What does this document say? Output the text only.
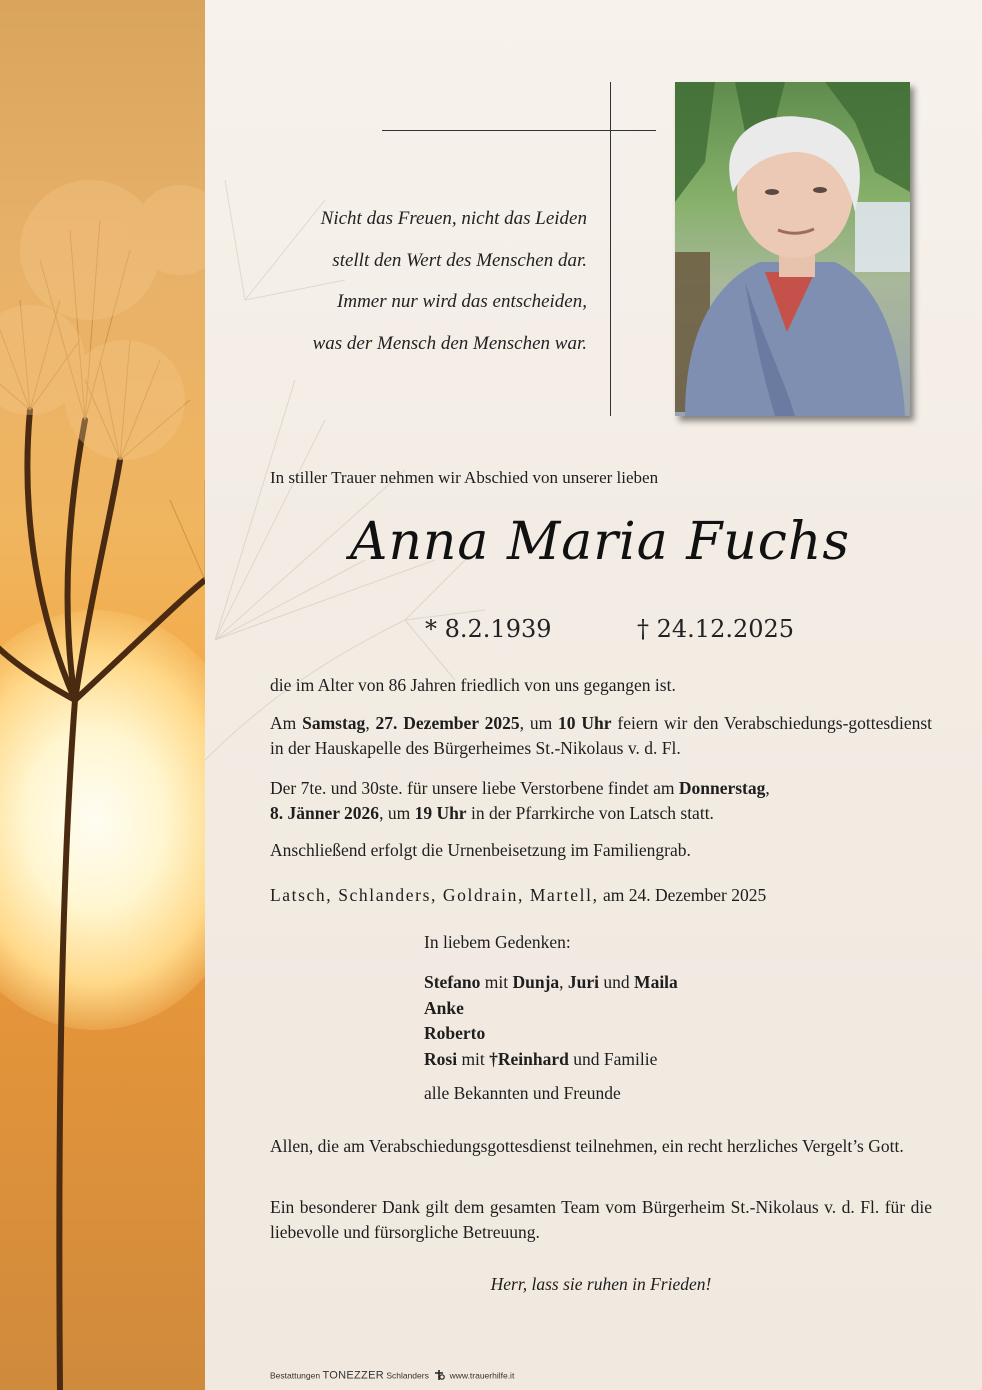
Nicht das Freuen, nicht das Leiden
stellt den Wert des Menschen dar.
Immer nur wird das entscheiden,
was der Mensch den Menschen war.
In stiller Trauer nehmen wir Abschied von unserer lieben
Anna Maria Fuchs
* 8.2.1939	† 24.12.2025

die im Alter von 86 Jahren friedlich von uns gegangen ist.

Am Samstag, 27. Dezember 2025, um 10 Uhr feiern wir den Verabschiedungs-gottesdienst in der Hauskapelle des Bürgerheimes St.-Nikolaus v. d. Fl.

Der 7te. und 30ste. für unsere liebe Verstorbene findet am Donnerstag,
8. Jänner 2026, um 19 Uhr in der Pfarrkirche von Latsch statt.

Anschließend erfolgt die Urnenbeisetzung im Familiengrab.

Latsch, Schlanders, Goldrain, Martell, am 24. Dezember 2025
In liebem Gedenken:
Stefano mit Dunja, Juri und Maila
Anke
Roberto
Rosi mit †Reinhard und Familie
alle Bekannten und Freunde
Allen, die am Verabschiedungsgottesdienst teilnehmen, ein recht herzliches Vergelt’s Gott.
Ein besonderer Dank gilt dem gesamten Team vom Bürgerheim St.-Nikolaus v. d. Fl. für die liebevolle und fürsorgliche Betreuung.
Herr, lass sie ruhen in Frieden!
Bestattungen TONEZZER Schlanders www.trauerhilfe.it
